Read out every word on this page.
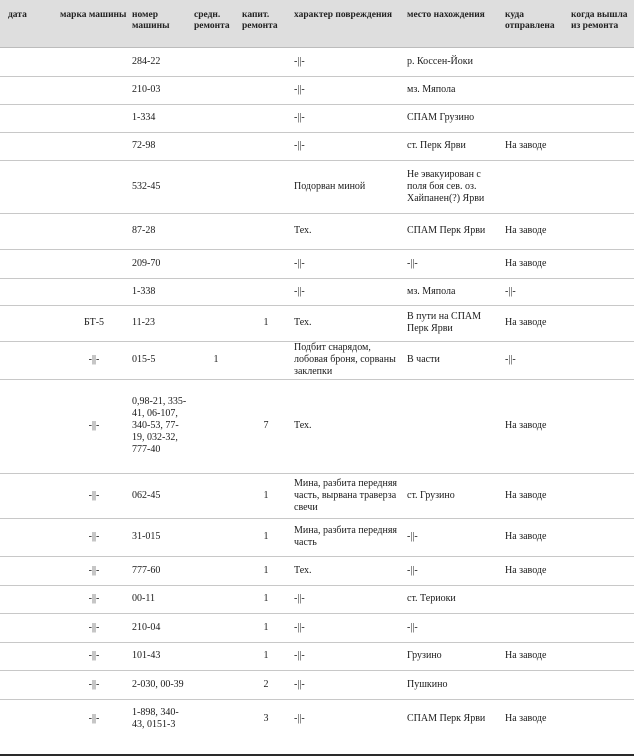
дата	марка машины	номер машины	средн. ремонта	капит. ремонта	характер повреждения	место нахождения	куда отправлена	когда вышла из ремонта
		284-22			-||-	р. Коссен-Йоки		
		210-03			-||-	мз. Мяпола		
		1-334			-||-	СПАМ Грузино		
		72-98			-||-	ст. Перк Ярви	На заводе	
		532-45			Подорван миной	Не эвакуирован с поля боя сев. оз. Хайпанен(?) Ярви		
		87-28			Тех.	СПАМ Перк Ярви	На заводе	
		209-70			-||-	-||-	На заводе	
		1-338			-||-	мз. Мяпола	-||-	
	БТ-5	11-23		1	Тех.	В пути на СПАМ Перк Ярви	На заводе	
	-||-	015-5	1		Подбит снарядом, лобовая броня, сорваны заклепки	В части	-||-	
	-||-	0,98-21, 335-41, 06-107, 340-53, 77-19, 032-32, 777-40		7	Тех.		На заводе	
	-||-	062-45		1	Мина, разбита передняя часть, вырвана траверза свечи	ст. Грузино	На заводе	
	-||-	31-015		1	Мина, разбита передняя часть	-||-	На заводе	
	-||-	777-60		1	Тех.	-||-	На заводе	
	-||-	00-11		1	-||-	ст. Териоки		
	-||-	210-04		1	-||-	-||-		
	-||-	101-43		1	-||-	Грузино	На заводе	
	-||-	2-030, 00-39		2	-||-	Пушкино		
	-||-	1-898, 340-43, 0151-3		3	-||-	СПАМ Перк Ярви	На заводе	
